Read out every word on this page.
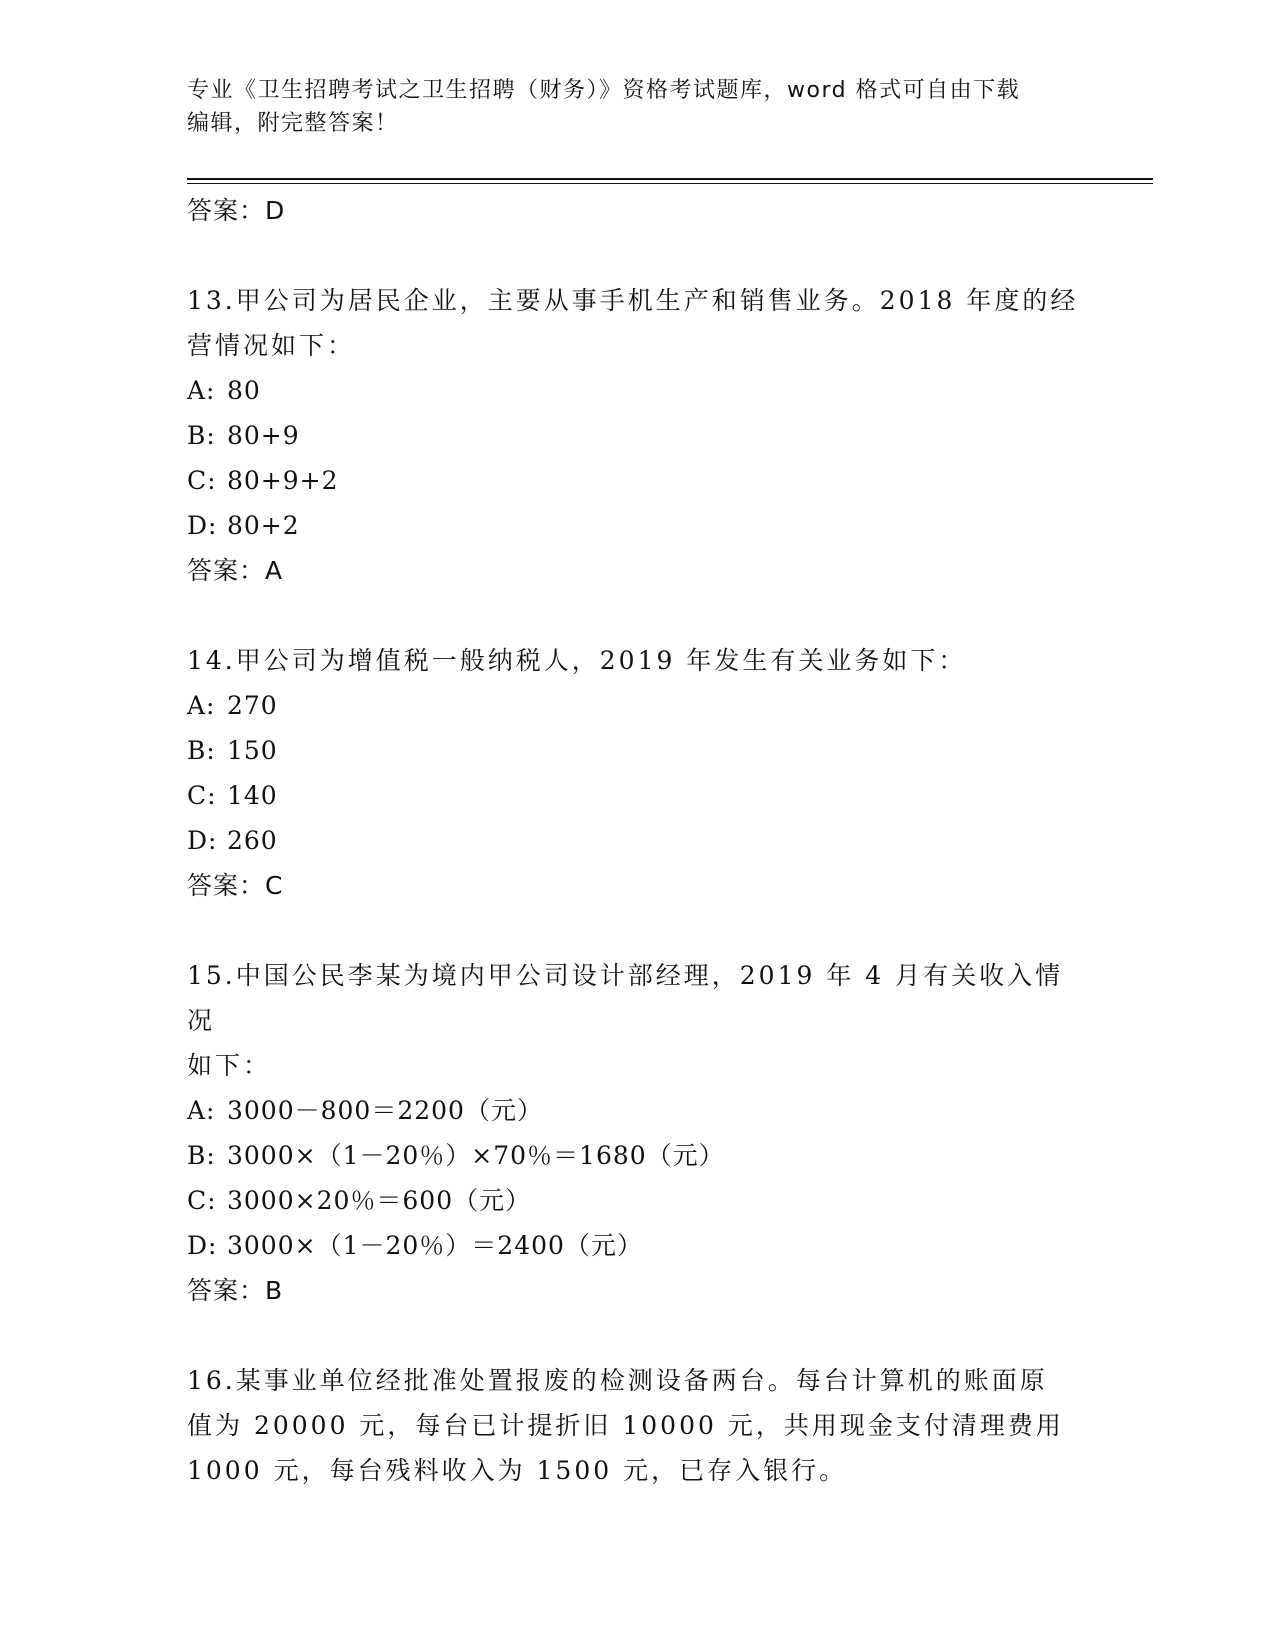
专业《卫生招聘考试之卫生招聘（财务）》资格考试题库，word 格式可自由下载
编辑，附完整答案！
答案：D
13.甲公司为居民企业，主要从事手机生产和销售业务。2018 年度的经
营情况如下：
A: 80
B: 80+9
C: 80+9+2
D: 80+2
答案：A
14.甲公司为增值税一般纳税人，2019 年发生有关业务如下：
A: 270
B: 150
C: 140
D: 260
答案：C
15.中国公民李某为境内甲公司设计部经理，2019 年 4 月有关收入情况
如下：
A: 3000－800＝2200（元）
B: 3000×（1－20％）×70％＝1680（元）
C: 3000×20％＝600（元）
D: 3000×（1－20％）＝2400（元）
答案：B
16.某事业单位经批准处置报废的检测设备两台。每台计算机的账面原
值为 20000 元，每台已计提折旧 10000 元，共用现金支付清理费用
1000 元，每台残料收入为 1500 元，已存入银行。
